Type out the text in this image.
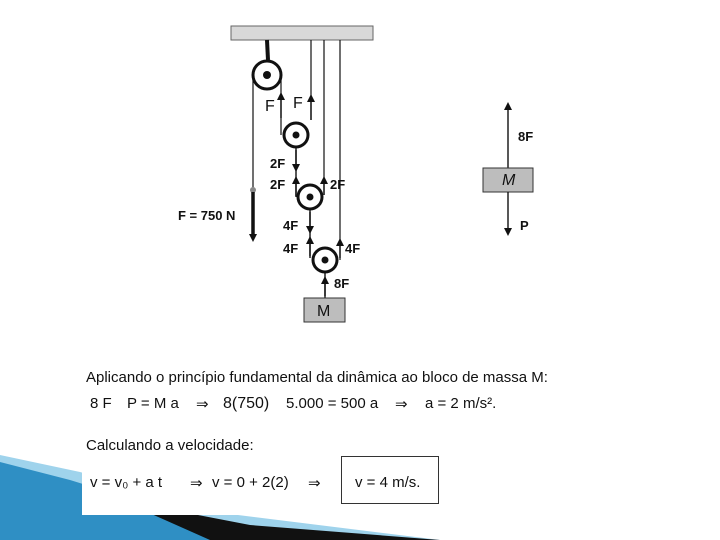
F = 750 N
F F
2F
2F	2F
4F
4F	4F
8F
M
8F
M
P
Aplicando o princípio fundamental da dinâmica ao bloco de massa M:
8 F P = M a ⇒ 8(750) 5.000 = 500 a ⇒ a = 2 m/s².
Calculando a velocidade:
v = v₀ + a t ⇒ v = 0 + 2(2) ⇒ v = 4 m/s.
